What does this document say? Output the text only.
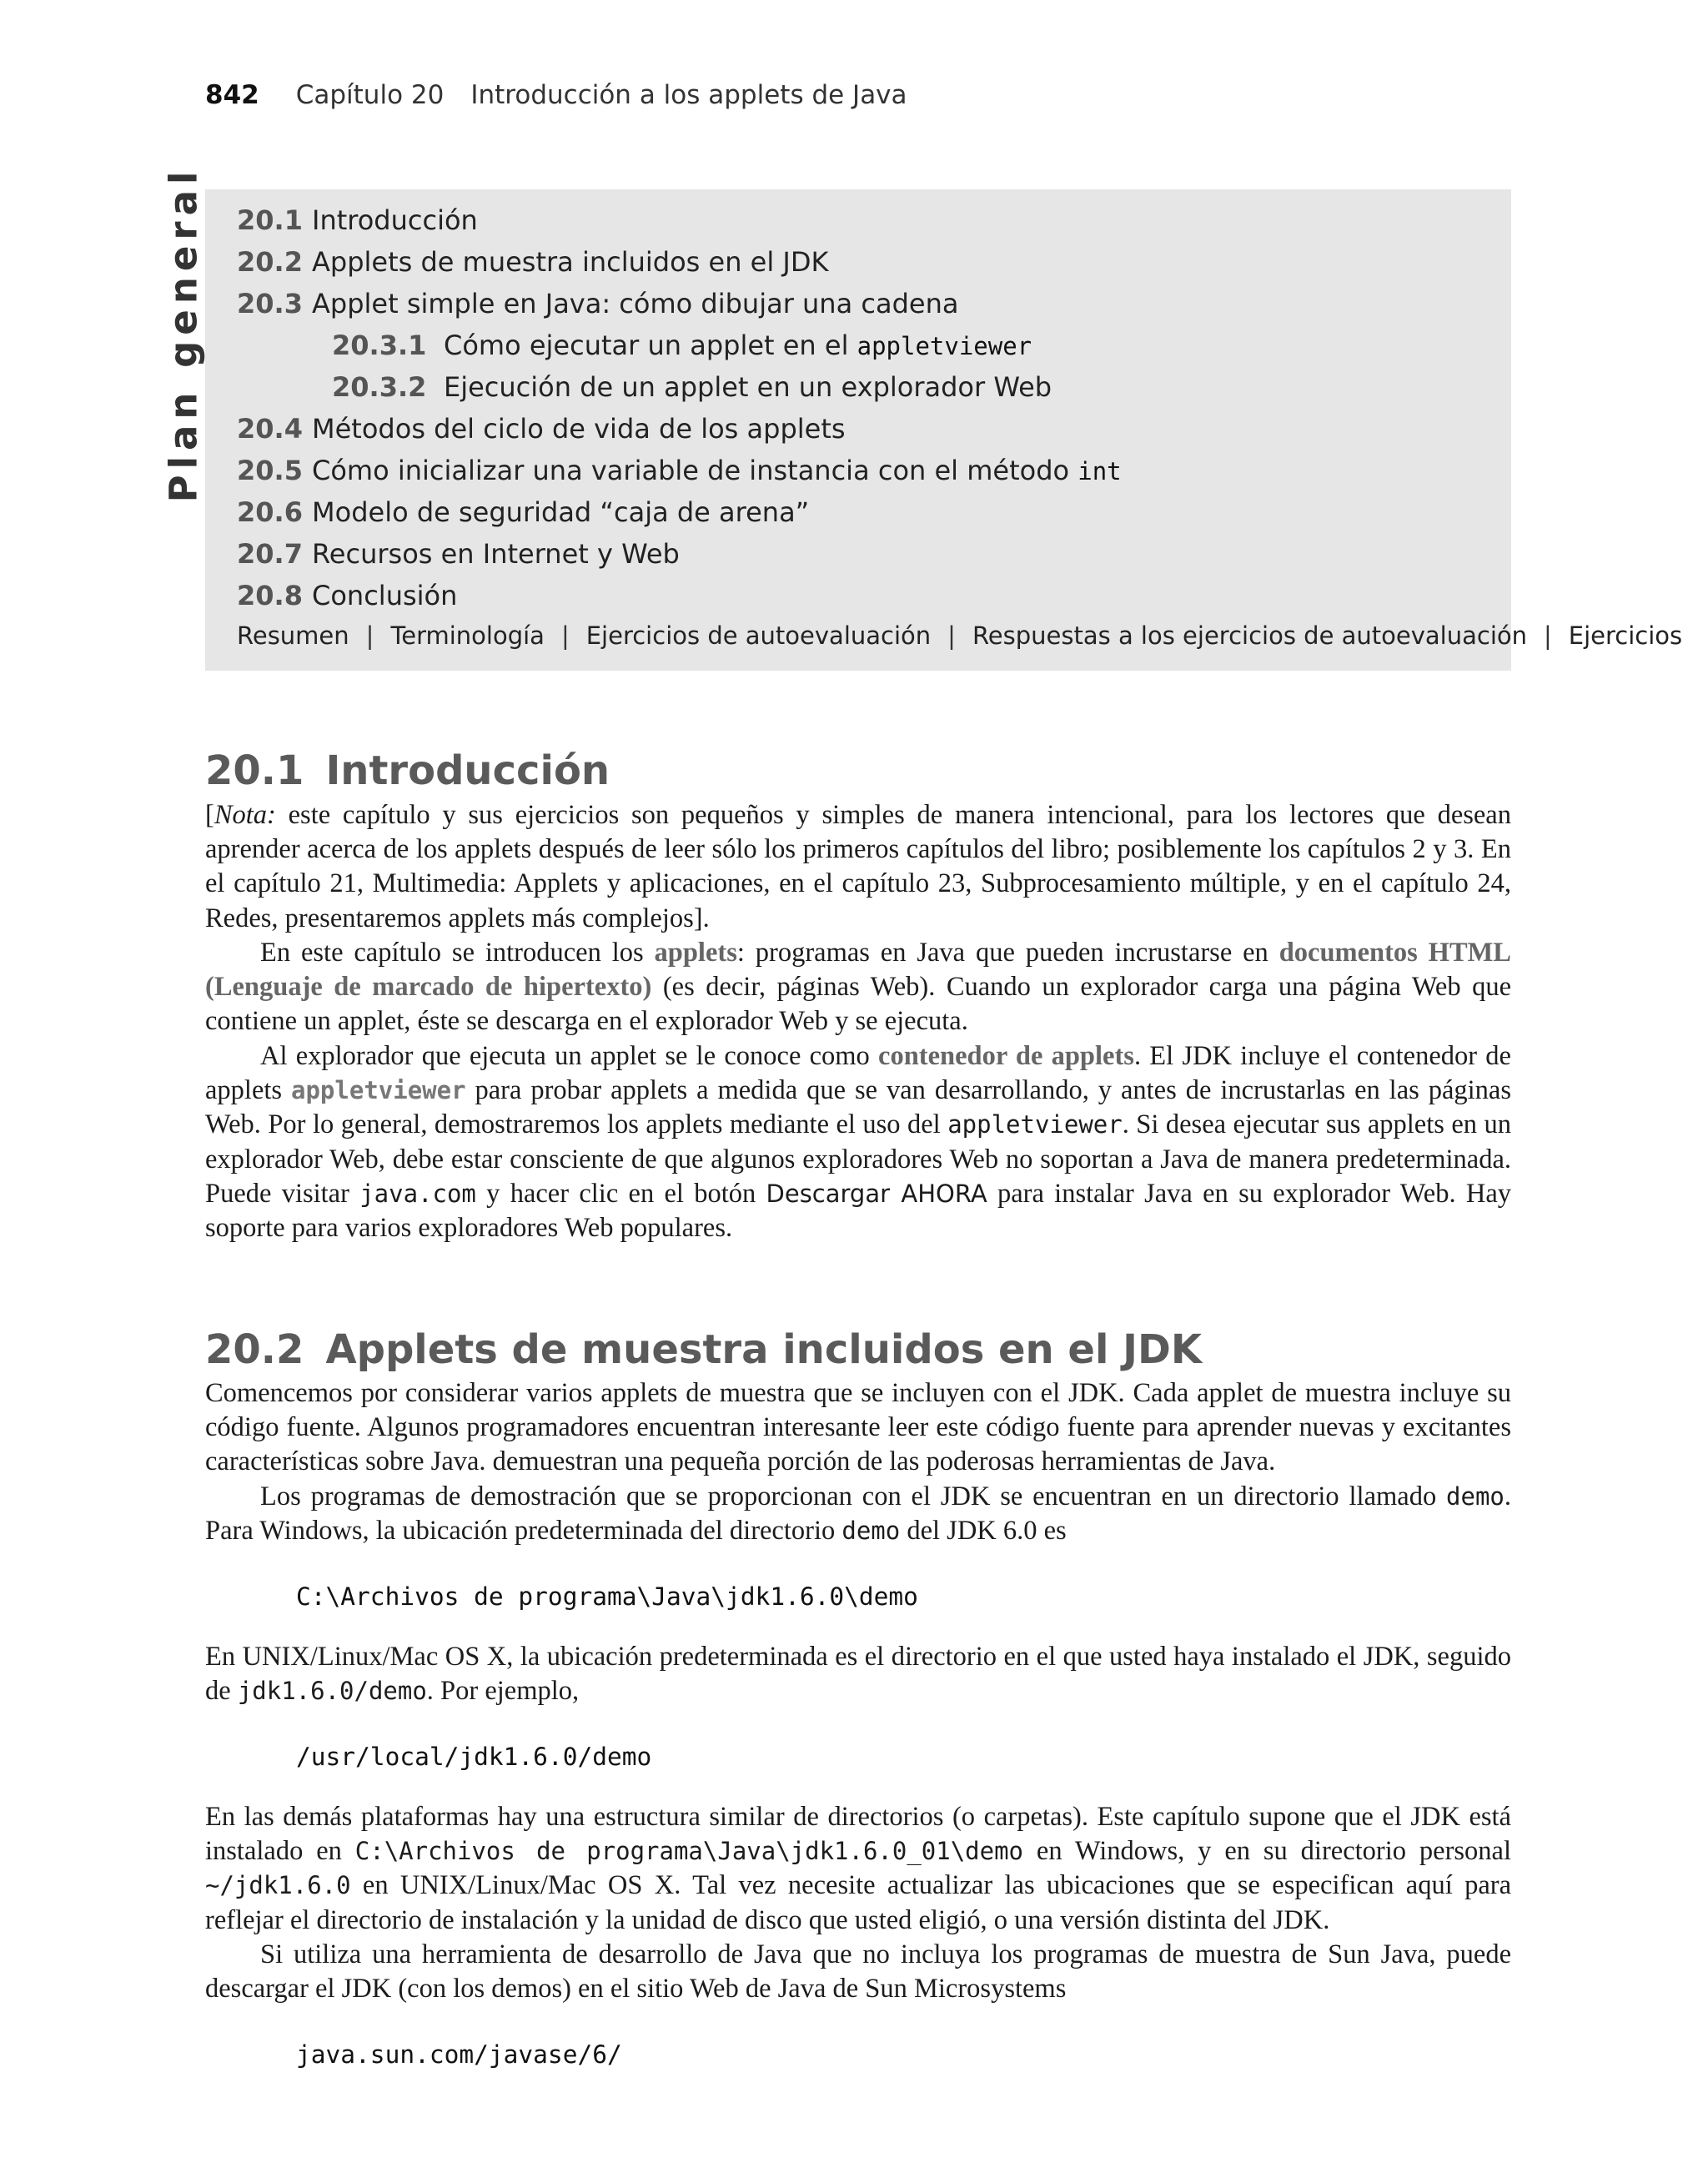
842 Capítulo 20 Introducción a los applets de Java
Plan general 20.1 Introducción
20.2 Applets de muestra incluidos en el JDK
20.3 Applet simple en Java: cómo dibujar una cadena
20.3.1 Cómo ejecutar un applet en el appletviewer
20.3.2 Ejecución de un applet en un explorador Web
20.4 Métodos del ciclo de vida de los applets
20.5 Cómo inicializar una variable de instancia con el método int
20.6 Modelo de seguridad “caja de arena”
20.7 Recursos en Internet y Web
20.8 Conclusión
Resumen | Terminología | Ejercicios de autoevaluación | Respuestas a los ejercicios de autoevaluación | Ejercicios
20.1 Introducción

[Nota: este capítulo y sus ejercicios son pequeños y simples de manera intencional, para los lectores que desean aprender acerca de los applets después de leer sólo los primeros capítulos del libro; posiblemente los capítulos 2 y 3. En el capítulo 21, Multimedia: Applets y aplicaciones, en el capítulo 23, Subprocesamiento múltiple, y en el capítulo 24, Redes, presentaremos applets más complejos].

En este capítulo se introducen los applets: programas en Java que pueden incrustarse en documentos HTML (Lenguaje de marcado de hipertexto) (es decir, páginas Web). Cuando un explorador carga una página Web que contiene un applet, éste se descarga en el explorador Web y se ejecuta.

Al explorador que ejecuta un applet se le conoce como contenedor de applets. El JDK incluye el contenedor de applets appletviewer para probar applets a medida que se van desarrollando, y antes de incrustarlas en las páginas Web. Por lo general, demostraremos los applets mediante el uso del appletviewer. Si desea ejecutar sus applets en un explorador Web, debe estar consciente de que algunos exploradores Web no soportan a Java de manera predeterminada. Puede visitar java.com y hacer clic en el botón Descargar AHORA para instalar Java en su explorador Web. Hay soporte para varios exploradores Web populares.

20.2 Applets de muestra incluidos en el JDK

Comencemos por considerar varios applets de muestra que se incluyen con el JDK. Cada applet de muestra incluye su código fuente. Algunos programadores encuentran interesante leer este código fuente para aprender nuevas y excitantes características sobre Java. demuestran una pequeña porción de las poderosas herramientas de Java.

Los programas de demostración que se proporcionan con el JDK se encuentran en un directorio llamado demo. Para Windows, la ubicación predeterminada del directorio demo del JDK 6.0 es

C:\Archivos de programa\Java\jdk1.6.0\demo

En UNIX/Linux/Mac OS X, la ubicación predeterminada es el directorio en el que usted haya instalado el JDK, seguido de jdk1.6.0/demo. Por ejemplo,

/usr/local/jdk1.6.0/demo

En las demás plataformas hay una estructura similar de directorios (o carpetas). Este capítulo supone que el JDK está instalado en C:\Archivos de programa\Java\jdk1.6.0_01\demo en Windows, y en su directorio personal ~/jdk1.6.0 en UNIX/Linux/Mac OS X. Tal vez necesite actualizar las ubicaciones que se especifican aquí para reflejar el directorio de instalación y la unidad de disco que usted eligió, o una versión distinta del JDK.

Si utiliza una herramienta de desarrollo de Java que no incluya los programas de muestra de Sun Java, puede descargar el JDK (con los demos) en el sitio Web de Java de Sun Microsystems

java.sun.com/javase/6/
